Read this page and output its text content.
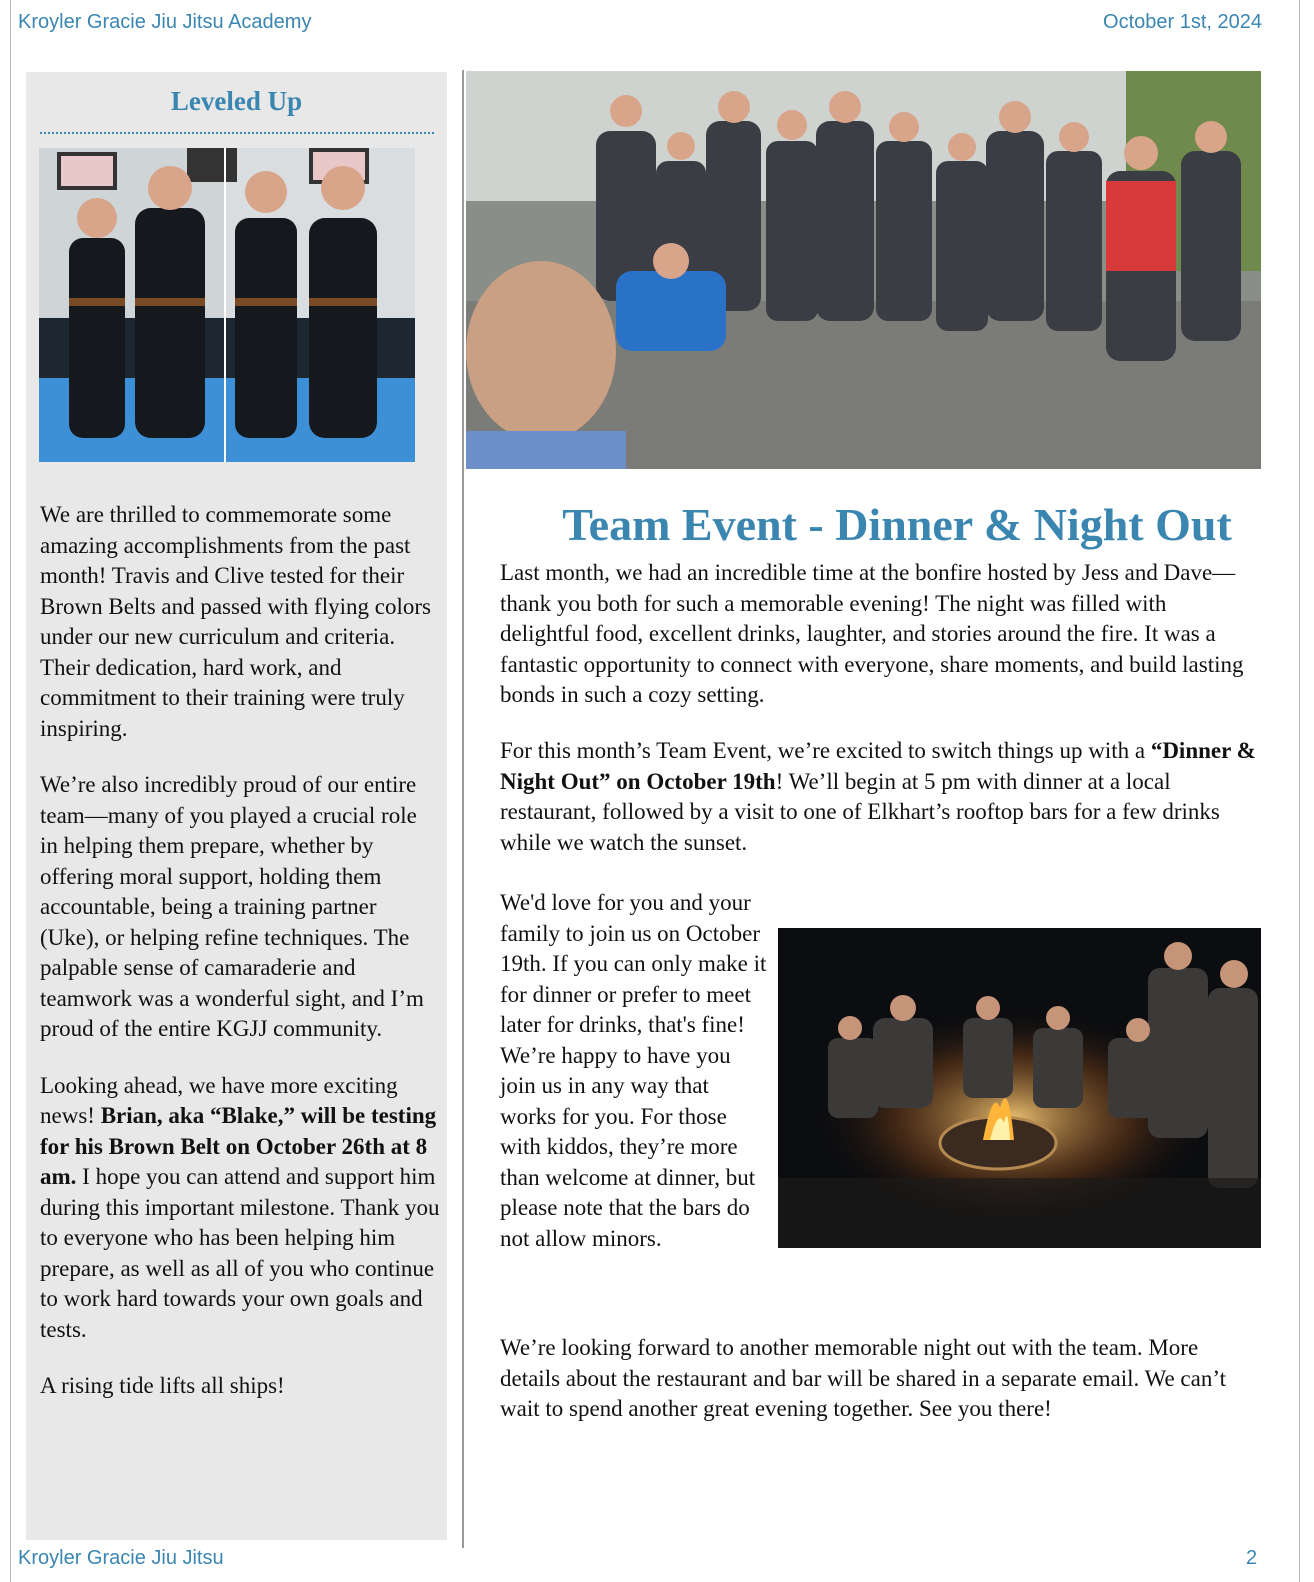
Kroyler Gracie Jiu Jitsu Academy	October 1st, 2024
Leveled Up

We are thrilled to commemorate some amazing accomplishments from the past month! Travis and Clive tested for their Brown Belts and passed with flying colors under our new curriculum and criteria. Their dedication, hard work, and commitment to their training were truly inspiring.

We’re also incredibly proud of our entire team—many of you played a crucial role in helping them prepare, whether by offering moral support, holding them accountable, being a training partner (Uke), or helping refine techniques. The palpable sense of camaraderie and teamwork was a wonderful sight, and I’m proud of the entire KGJJ community.

Looking ahead, we have more exciting news! Brian, aka “Blake,” will be testing for his Brown Belt on October 26th at 8 am. I hope you can attend and support him during this important milestone. Thank you to everyone who has been helping him prepare, as well as all of you who continue to work hard towards your own goals and tests.

A rising tide lifts all ships!

Team Event - Dinner & Night Out
Last month, we had an incredible time at the bonfire hosted by Jess and Dave—thank you both for such a memorable evening! The night was filled with delightful food, excellent drinks, laughter, and stories around the fire. It was a fantastic opportunity to connect with everyone, share moments, and build lasting bonds in such a cozy setting.
For this month’s Team Event, we’re excited to switch things up with a “Dinner & Night Out” on October 19th! We’ll begin at 5 pm with dinner at a local restaurant, followed by a visit to one of Elkhart’s rooftop bars for a few drinks while we watch the sunset.
We'd love for you and your family to join us on October 19th. If you can only make it for dinner or prefer to meet later for drinks, that's fine! We’re happy to have you join us in any way that works for you. For those with kiddos, they’re more than welcome at dinner, but please note that the bars do not allow minors.
We’re looking forward to another memorable night out with the team. More details about the restaurant and bar will be shared in a separate email. We can’t wait to spend another great evening together. See you there!
Kroyler Gracie Jiu Jitsu	2
